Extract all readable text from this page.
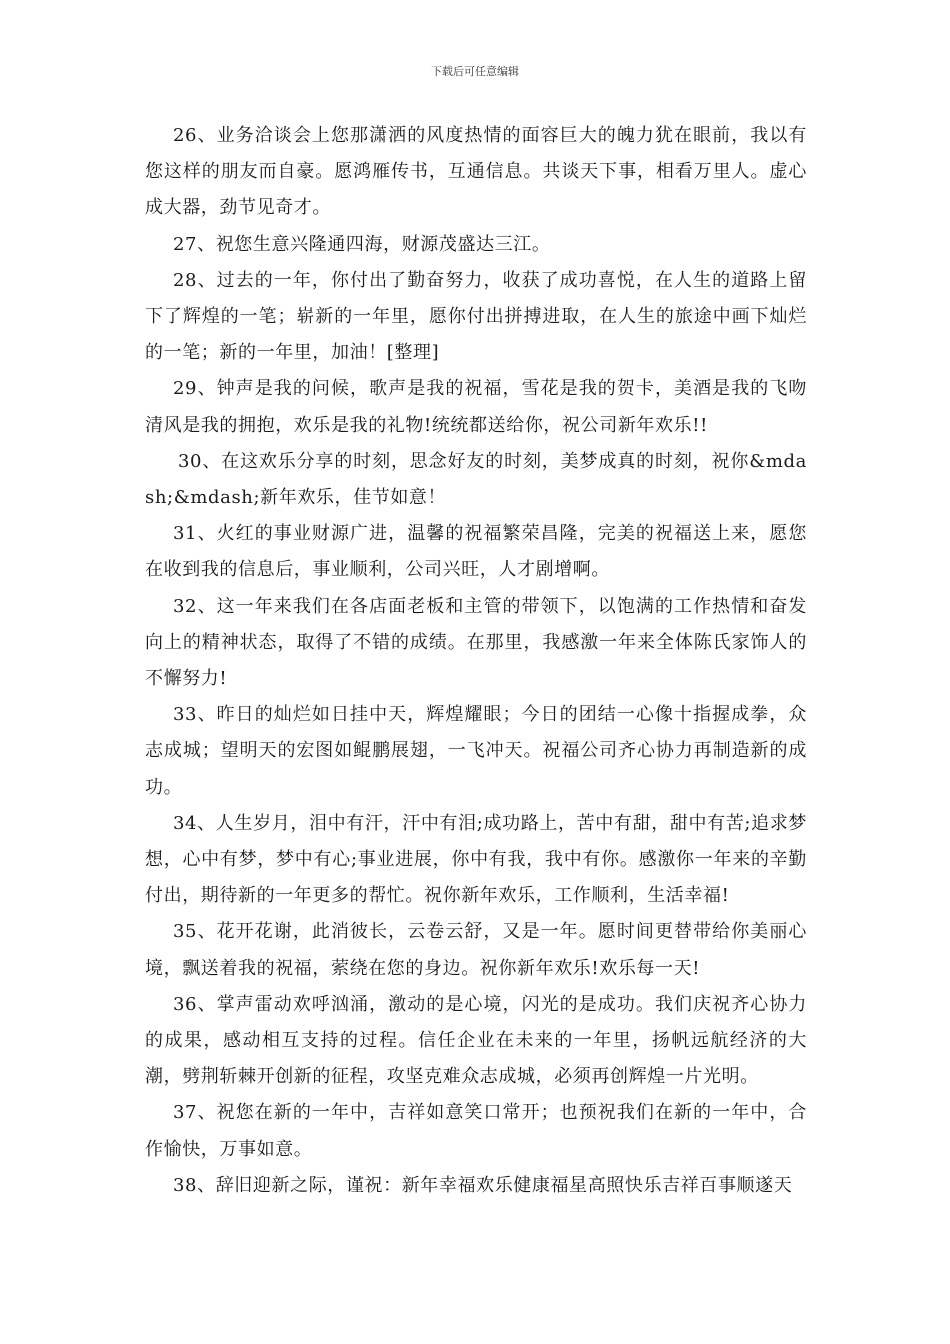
下载后可任意编辑

26、业务洽谈会上您那潇洒的风度热情的面容巨大的魄力犹在眼前，我以有您这样的朋友而自豪。愿鸿雁传书，互通信息。共谈天下事，相看万里人。虚心成大器，劲节见奇才。

27、祝您生意兴隆通四海，财源茂盛达三江。

28、过去的一年，你付出了勤奋努力，收获了成功喜悦，在人生的道路上留下了辉煌的一笔；崭新的一年里，愿你付出拼搏进取，在人生的旅途中画下灿烂的一笔；新的一年里，加油！[整理]

29、钟声是我的问候，歌声是我的祝福，雪花是我的贺卡，美酒是我的飞吻清风是我的拥抱，欢乐是我的礼物!统统都送给你，祝公司新年欢乐!!

30、在这欢乐分享的时刻，思念好友的时刻，美梦成真的时刻，祝你&mdash;&mdash;新年欢乐，佳节如意！

31、火红的事业财源广进，温馨的祝福繁荣昌隆，完美的祝福送上来，愿您在收到我的信息后，事业顺利，公司兴旺，人才剧增啊。

32、这一年来我们在各店面老板和主管的带领下，以饱满的工作热情和奋发向上的精神状态，取得了不错的成绩。在那里，我感激一年来全体陈氏家饰人的不懈努力!

33、昨日的灿烂如日挂中天，辉煌耀眼；今日的团结一心像十指握成拳，众志成城；望明天的宏图如鲲鹏展翅，一飞冲天。祝福公司齐心协力再制造新的成功。

34、人生岁月，泪中有汗，汗中有泪;成功路上，苦中有甜，甜中有苦;追求梦想，心中有梦，梦中有心;事业进展，你中有我，我中有你。感激你一年来的辛勤付出，期待新的一年更多的帮忙。祝你新年欢乐，工作顺利，生活幸福!

35、花开花谢，此消彼长，云卷云舒，又是一年。愿时间更替带给你美丽心境，飘送着我的祝福，萦绕在您的身边。祝你新年欢乐!欢乐每一天!

36、掌声雷动欢呼汹涌，激动的是心境，闪光的是成功。我们庆祝齐心协力的成果，感动相互支持的过程。信任企业在未来的一年里，扬帆远航经济的大潮，劈荆斩棘开创新的征程，攻坚克难众志成城，必须再创辉煌一片光明。

37、祝您在新的一年中，吉祥如意笑口常开；也预祝我们在新的一年中，合作愉快，万事如意。

38、辞旧迎新之际，谨祝：新年幸福欢乐健康福星高照快乐吉祥百事顺遂天
